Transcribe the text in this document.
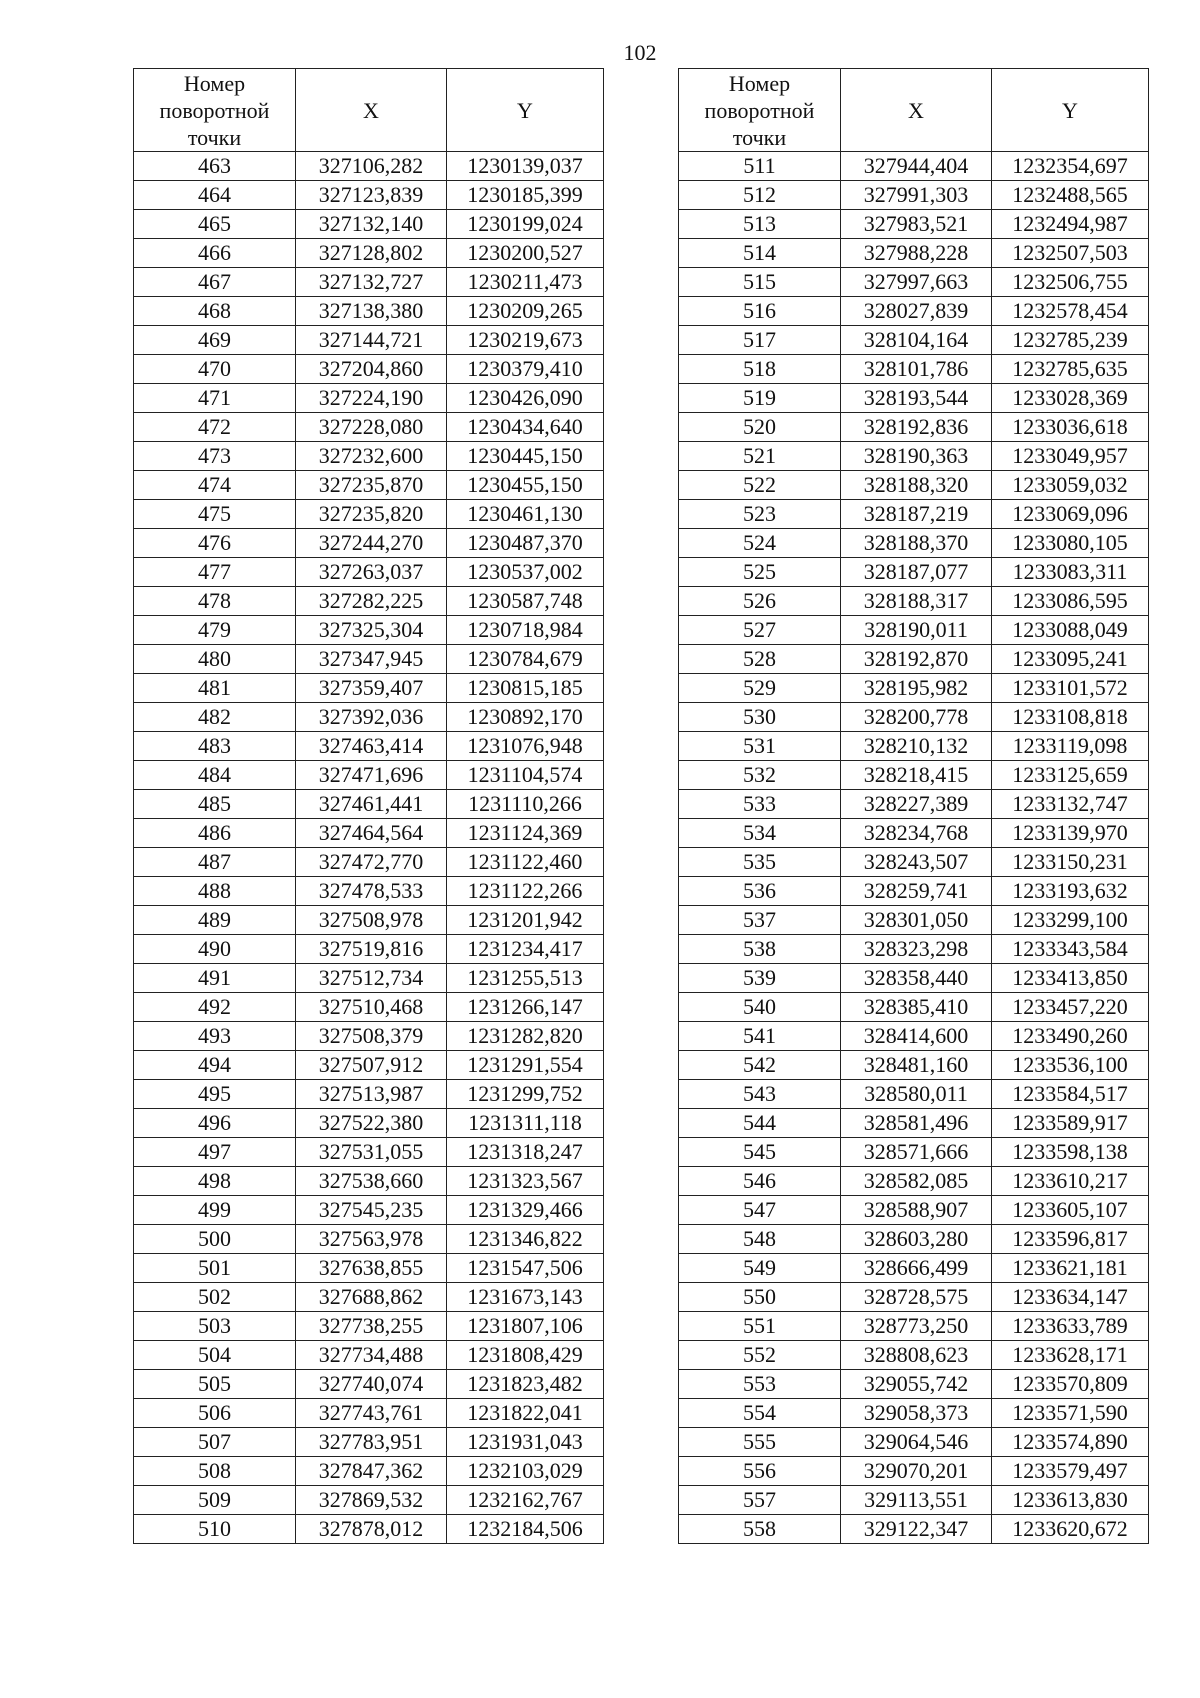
102
Номер
поворотной
точки	X	Y
463	327106,282	1230139,037
464	327123,839	1230185,399
465	327132,140	1230199,024
466	327128,802	1230200,527
467	327132,727	1230211,473
468	327138,380	1230209,265
469	327144,721	1230219,673
470	327204,860	1230379,410
471	327224,190	1230426,090
472	327228,080	1230434,640
473	327232,600	1230445,150
474	327235,870	1230455,150
475	327235,820	1230461,130
476	327244,270	1230487,370
477	327263,037	1230537,002
478	327282,225	1230587,748
479	327325,304	1230718,984
480	327347,945	1230784,679
481	327359,407	1230815,185
482	327392,036	1230892,170
483	327463,414	1231076,948
484	327471,696	1231104,574
485	327461,441	1231110,266
486	327464,564	1231124,369
487	327472,770	1231122,460
488	327478,533	1231122,266
489	327508,978	1231201,942
490	327519,816	1231234,417
491	327512,734	1231255,513
492	327510,468	1231266,147
493	327508,379	1231282,820
494	327507,912	1231291,554
495	327513,987	1231299,752
496	327522,380	1231311,118
497	327531,055	1231318,247
498	327538,660	1231323,567
499	327545,235	1231329,466
500	327563,978	1231346,822
501	327638,855	1231547,506
502	327688,862	1231673,143
503	327738,255	1231807,106
504	327734,488	1231808,429
505	327740,074	1231823,482
506	327743,761	1231822,041
507	327783,951	1231931,043
508	327847,362	1232103,029
509	327869,532	1232162,767
510	327878,012	1232184,506
Номер
поворотной
точки	X	Y
511	327944,404	1232354,697
512	327991,303	1232488,565
513	327983,521	1232494,987
514	327988,228	1232507,503
515	327997,663	1232506,755
516	328027,839	1232578,454
517	328104,164	1232785,239
518	328101,786	1232785,635
519	328193,544	1233028,369
520	328192,836	1233036,618
521	328190,363	1233049,957
522	328188,320	1233059,032
523	328187,219	1233069,096
524	328188,370	1233080,105
525	328187,077	1233083,311
526	328188,317	1233086,595
527	328190,011	1233088,049
528	328192,870	1233095,241
529	328195,982	1233101,572
530	328200,778	1233108,818
531	328210,132	1233119,098
532	328218,415	1233125,659
533	328227,389	1233132,747
534	328234,768	1233139,970
535	328243,507	1233150,231
536	328259,741	1233193,632
537	328301,050	1233299,100
538	328323,298	1233343,584
539	328358,440	1233413,850
540	328385,410	1233457,220
541	328414,600	1233490,260
542	328481,160	1233536,100
543	328580,011	1233584,517
544	328581,496	1233589,917
545	328571,666	1233598,138
546	328582,085	1233610,217
547	328588,907	1233605,107
548	328603,280	1233596,817
549	328666,499	1233621,181
550	328728,575	1233634,147
551	328773,250	1233633,789
552	328808,623	1233628,171
553	329055,742	1233570,809
554	329058,373	1233571,590
555	329064,546	1233574,890
556	329070,201	1233579,497
557	329113,551	1233613,830
558	329122,347	1233620,672
